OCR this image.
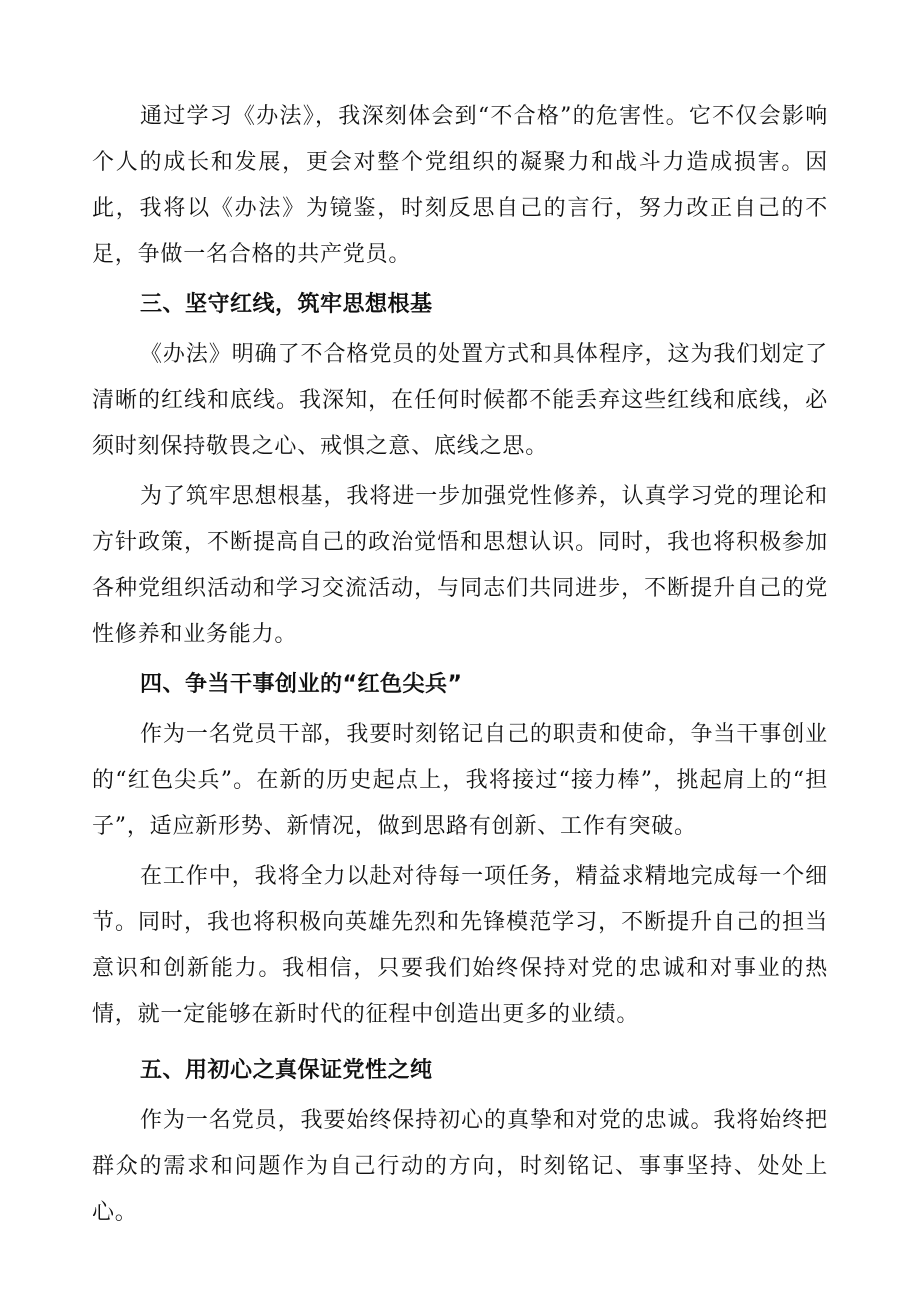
通过学习《办法》，我深刻体会到“不合格”的危害性。它不仅会影响个人的成长和发展，更会对整个党组织的凝聚力和战斗力造成损害。因此，我将以《办法》为镜鉴，时刻反思自己的言行，努力改正自己的不足，争做一名合格的共产党员。

三、坚守红线，筑牢思想根基

《办法》明确了不合格党员的处置方式和具体程序，这为我们划定了清晰的红线和底线。我深知，在任何时候都不能丢弃这些红线和底线，必须时刻保持敬畏之心、戒惧之意、底线之思。

为了筑牢思想根基，我将进一步加强党性修养，认真学习党的理论和方针政策，不断提高自己的政治觉悟和思想认识。同时，我也将积极参加各种党组织活动和学习交流活动，与同志们共同进步，不断提升自己的党性修养和业务能力。

四、争当干事创业的“红色尖兵”

作为一名党员干部，我要时刻铭记自己的职责和使命，争当干事创业的“红色尖兵”。在新的历史起点上，我将接过“接力棒”，挑起肩上的“担子”，适应新形势、新情况，做到思路有创新、工作有突破。

在工作中，我将全力以赴对待每一项任务，精益求精地完成每一个细节。同时，我也将积极向英雄先烈和先锋模范学习，不断提升自己的担当意识和创新能力。我相信，只要我们始终保持对党的忠诚和对事业的热情，就一定能够在新时代的征程中创造出更多的业绩。

五、用初心之真保证党性之纯

作为一名党员，我要始终保持初心的真挚和对党的忠诚。我将始终把群众的需求和问题作为自己行动的方向，时刻铭记、事事坚持、处处上心。
